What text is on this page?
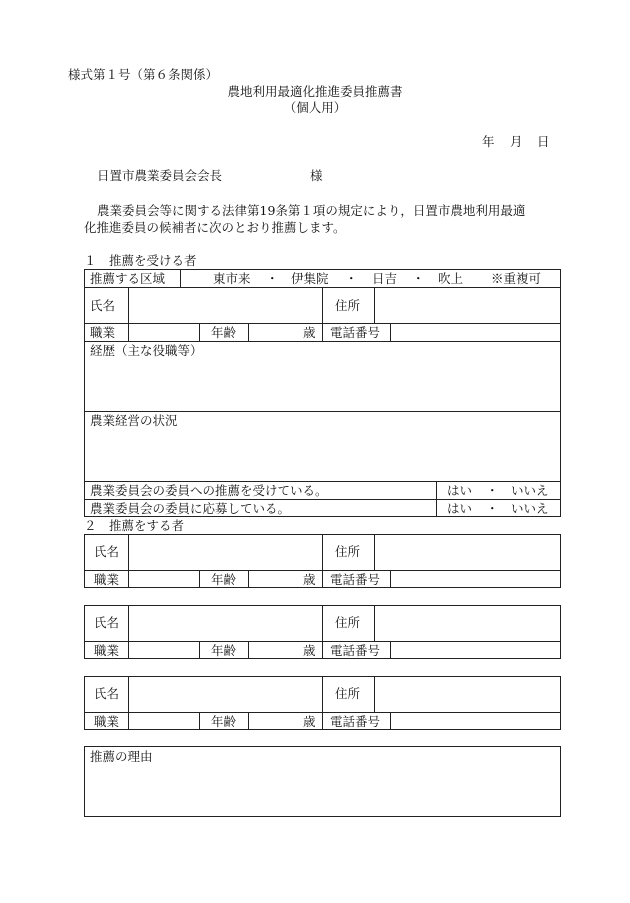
様式第１号（第６条関係）
農地利用最適化推進委員推薦書
（個人用）
年 月 日
日置市農業委員会会長	様
農業委員会等に関する法律第19条第１項の規定により，日置市農地利用最適
化推進委員の候補者に次のとおり推薦します。
１　推薦を受ける者
推薦する区域	東市来 ・ 伊集院 ・ 日吉 ・ 吹上 ※重複可
氏名	住所
職業	年齢	歳 電話番号
経歴（主な役職等）
農業経営の状況
農業委員会の委員への推薦を受けている。	はい ・ いいえ
農業委員会の委員に応募している。	はい ・ いいえ
２　推薦をする者
氏名	住所
職業	年齢	歳 電話番号
氏名	住所
職業	年齢	歳 電話番号
氏名	住所
職業	年齢	歳 電話番号
推薦の理由
